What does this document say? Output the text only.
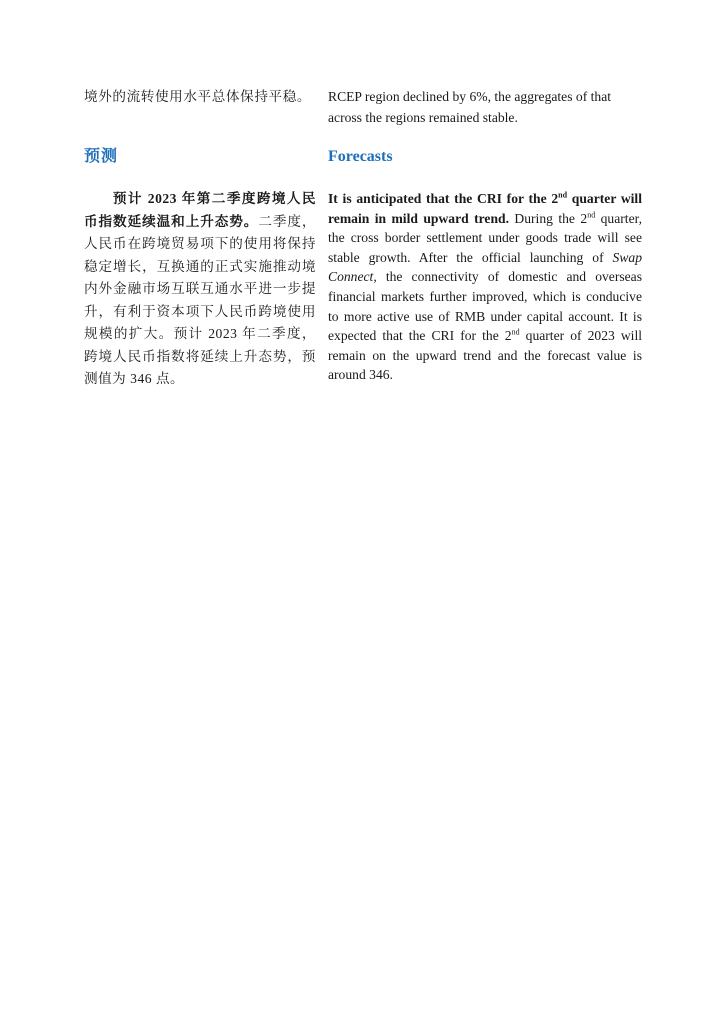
境外的流转使用水平总体保持平稳。	RCEP region declined by 6%, the aggregates of that
across the regions remained stable.
预测	Forecasts
预计 2023 年第二季度跨境人民币指数延续温和上升态势。二季度，人民币在跨境贸易项下的使用将保持稳定增长，互换通的正式实施推动境内外金融市场互联互通水平进一步提升，有利于资本项下人民币跨境使用规模的扩大。预计 2023 年二季度，跨境人民币指数将延续上升态势，预测值为 346 点。
It is anticipated that the CRI for the 2nd quarter will remain in mild upward trend. During the 2nd quarter, the cross border settlement under goods trade will see stable growth. After the official launching of Swap Connect, the connectivity of domestic and overseas financial markets further improved, which is conducive to more active use of RMB under capital account. It is expected that the CRI for the 2nd quarter of 2023 will remain on the upward trend and the forecast value is around 346.
